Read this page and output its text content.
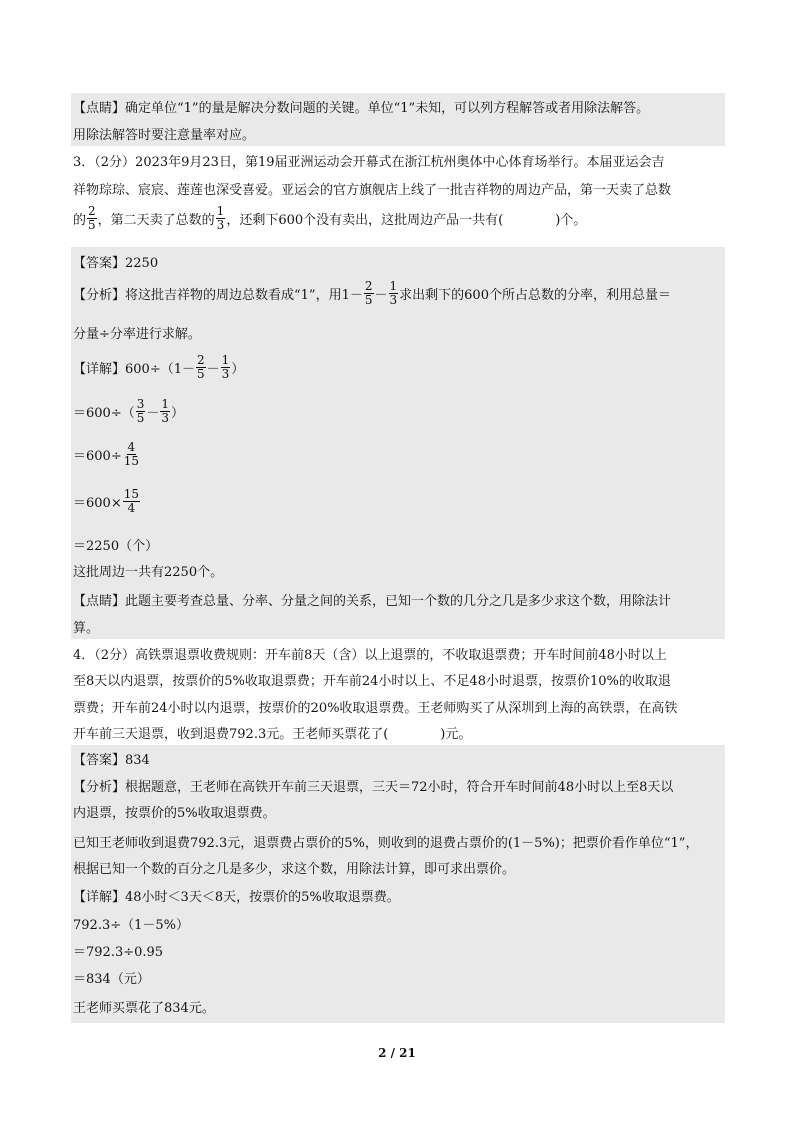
【点睛】确定单位“1”的量是解决分数问题的关键。单位“1”未知，可以列方程解答或者用除法解答。
用除法解答时要注意量率对应。
3．（2分）2023年9月23日，第19届亚洲运动会开幕式在浙江杭州奥体中心体育场举行。本届亚运会吉
祥物琮琮、宸宸、莲莲也深受喜爱。亚运会的官方旗舰店上线了一批吉祥物的周边产品，第一天卖了总数
的 $\frac{2}{5}$ ，第二天卖了总数的 $\frac{1}{3}$ ，还剩下600个没有卖出，这批周边产品一共有(　　　　)个。
【答案】2250
【分析】 将这批吉祥物的周边总数看成“1”，用$1- \frac{2}{5} - \frac{1}{3}$ 求出剩下的600个所占总数的分率，利用总量＝
分量÷分率进行求解。
【详解】 $600\div(1- \frac{2}{5} - \frac{1}{3}$ ）
$=600\div( \frac{3}{5} - \frac{1}{3}$ ）
$=600\div \frac{4}{15}$
$=600\times \frac{15}{4}$
＝2250（个）
这批周边一共有2250个。
【点睛】此题主要考查总量、分率、分量之间的关系，已知一个数的几分之几是多少求这个数，用除法计
算。
4．（2分）高铁票退票收费规则：开车前8天（含）以上退票的，不收取退票费；开车时间前48小时以上
至8天以内退票，按票价的5%收取退票费；开车前24小时以上、不足48小时退票，按票价10%的收取退
票费；开车前24小时以内退票，按票价的20%收取退票费。王老师购买了从深圳到上海的高铁票，在高铁
开车前三天退票，收到退费792.3元。王老师买票花了(　　　　)元。
【答案】834
【分析】根据题意，王老师在高铁开车前三天退票，三天＝72小时，符合开车时间前48小时以上至8天以
内退票，按票价的5%收取退票费。
已知王老师收到退费792.3元，退票费占票价的5%，则收到的退费占票价的(1－5%)；把票价看作单位“1”，
根据已知一个数的百分之几是多少，求这个数，用除法计算，即可求出票价。
【详解】48小时＜3天＜8天，按票价的5%收取退票费。
792.3÷（1－5%）
＝792.3÷0.95
＝834（元）
王老师买票花了834元。
2 / 21
